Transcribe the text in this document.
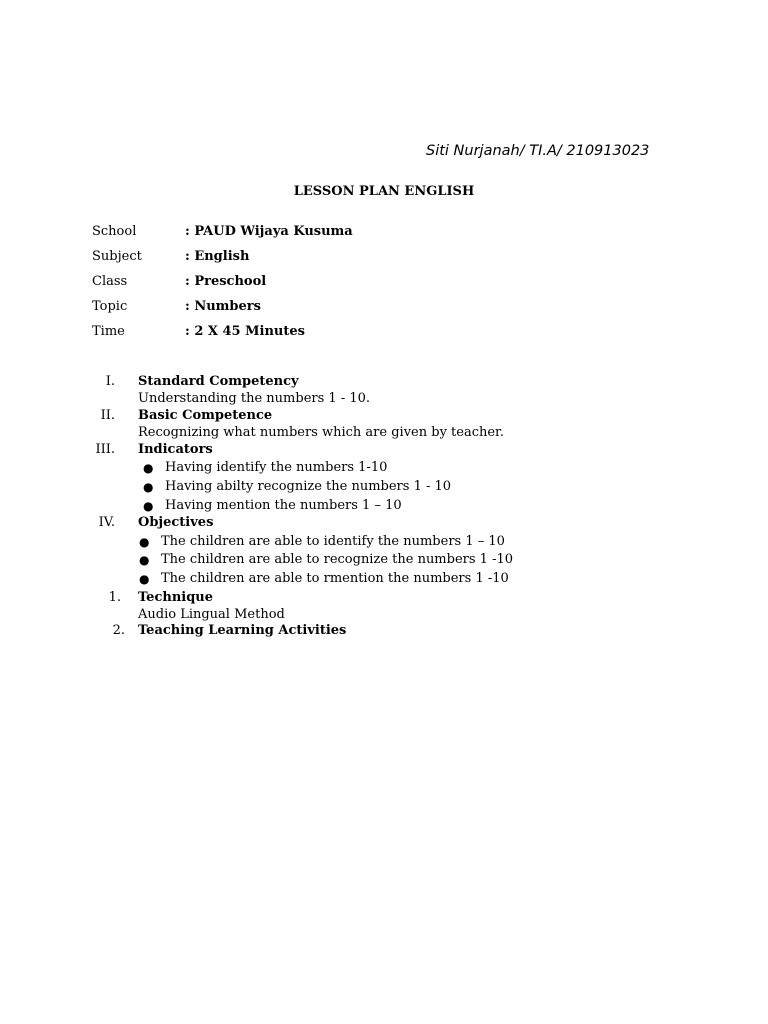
Siti Nurjanah/ TI.A/ 210913023
LESSON PLAN ENGLISH
School	: PAUD Wijaya Kusuma
Subject	: English
Class	: Preschool
Topic	: Numbers
Time	: 2 X 45 Minutes
I. Standard Competency
Understanding the numbers 1 - 10.
II. Basic Competence
Recognizing what numbers which are given by teacher.
III. Indicators
● Having identify the numbers 1-10
● Having abilty recognize the numbers 1 - 10
● Having mention the numbers 1 – 10
IV. Objectives
● The children are able to identify the numbers 1 – 10
● The children are able to recognize the numbers 1 -10
● The children are able to rmention the numbers 1 -10
1. Technique
Audio Lingual Method
2. Teaching Learning Activities
